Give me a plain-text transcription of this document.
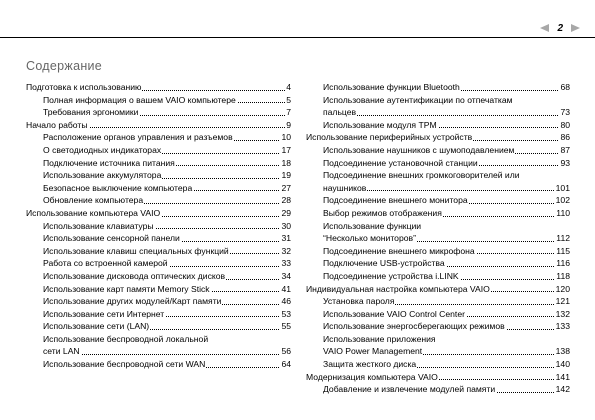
2
Содержание
Подготовка к использованию	4
Полная информация о вашем VAIO компьютере	5
Требования эргономики	7
Начало работы	9
Расположение органов управления и разъемов	10
О светодиодных индикаторах	17
Подключение источника питания	18
Использование аккумулятора	19
Безопасное выключение компьютера	27
Обновление компьютера	28
Использование компьютера VAIO	29
Использование клавиатуры	30
Использование сенсорной панели	31
Использование клавиш специальных функций	32
Работа со встроенной камерой	33
Использование дисковода оптических дисков	34
Использование карт памяти Memory Stick	41
Использование других модулей/Карт памяти	46
Использование сети Интернет	53
Использование сети (LAN)	55
Использование беспроводной локальной
сети LAN	56
Использование беспроводной сети WAN	64
Использование функции Bluetooth	68
Использование аутентификации по отпечаткам
пальцев	73
Использование модуля TPM	80
Использование периферийных устройств	86
Использование наушников с шумоподавлением	87
Подсоединение установочной станции	93
Подсоединение внешних громкоговорителей или
наушников	101
Подсоединение внешнего монитора	102
Выбор режимов отображения	110
Использование функции
“Несколько мониторов”	112
Подсоединение внешнего микрофона	115
Подключение USB-устройства	116
Подсоединение устройства i.LINK	118
Индивидуальная настройка компьютера VAIO	120
Установка пароля	121
Использование VAIO Control Center	132
Использование энергосберегающих режимов	133
Использование приложения
VAIO Power Management	138
Защита жесткого диска	140
Модернизация компьютера VAIO	141
Добавление и извлечение модулей памяти	142
